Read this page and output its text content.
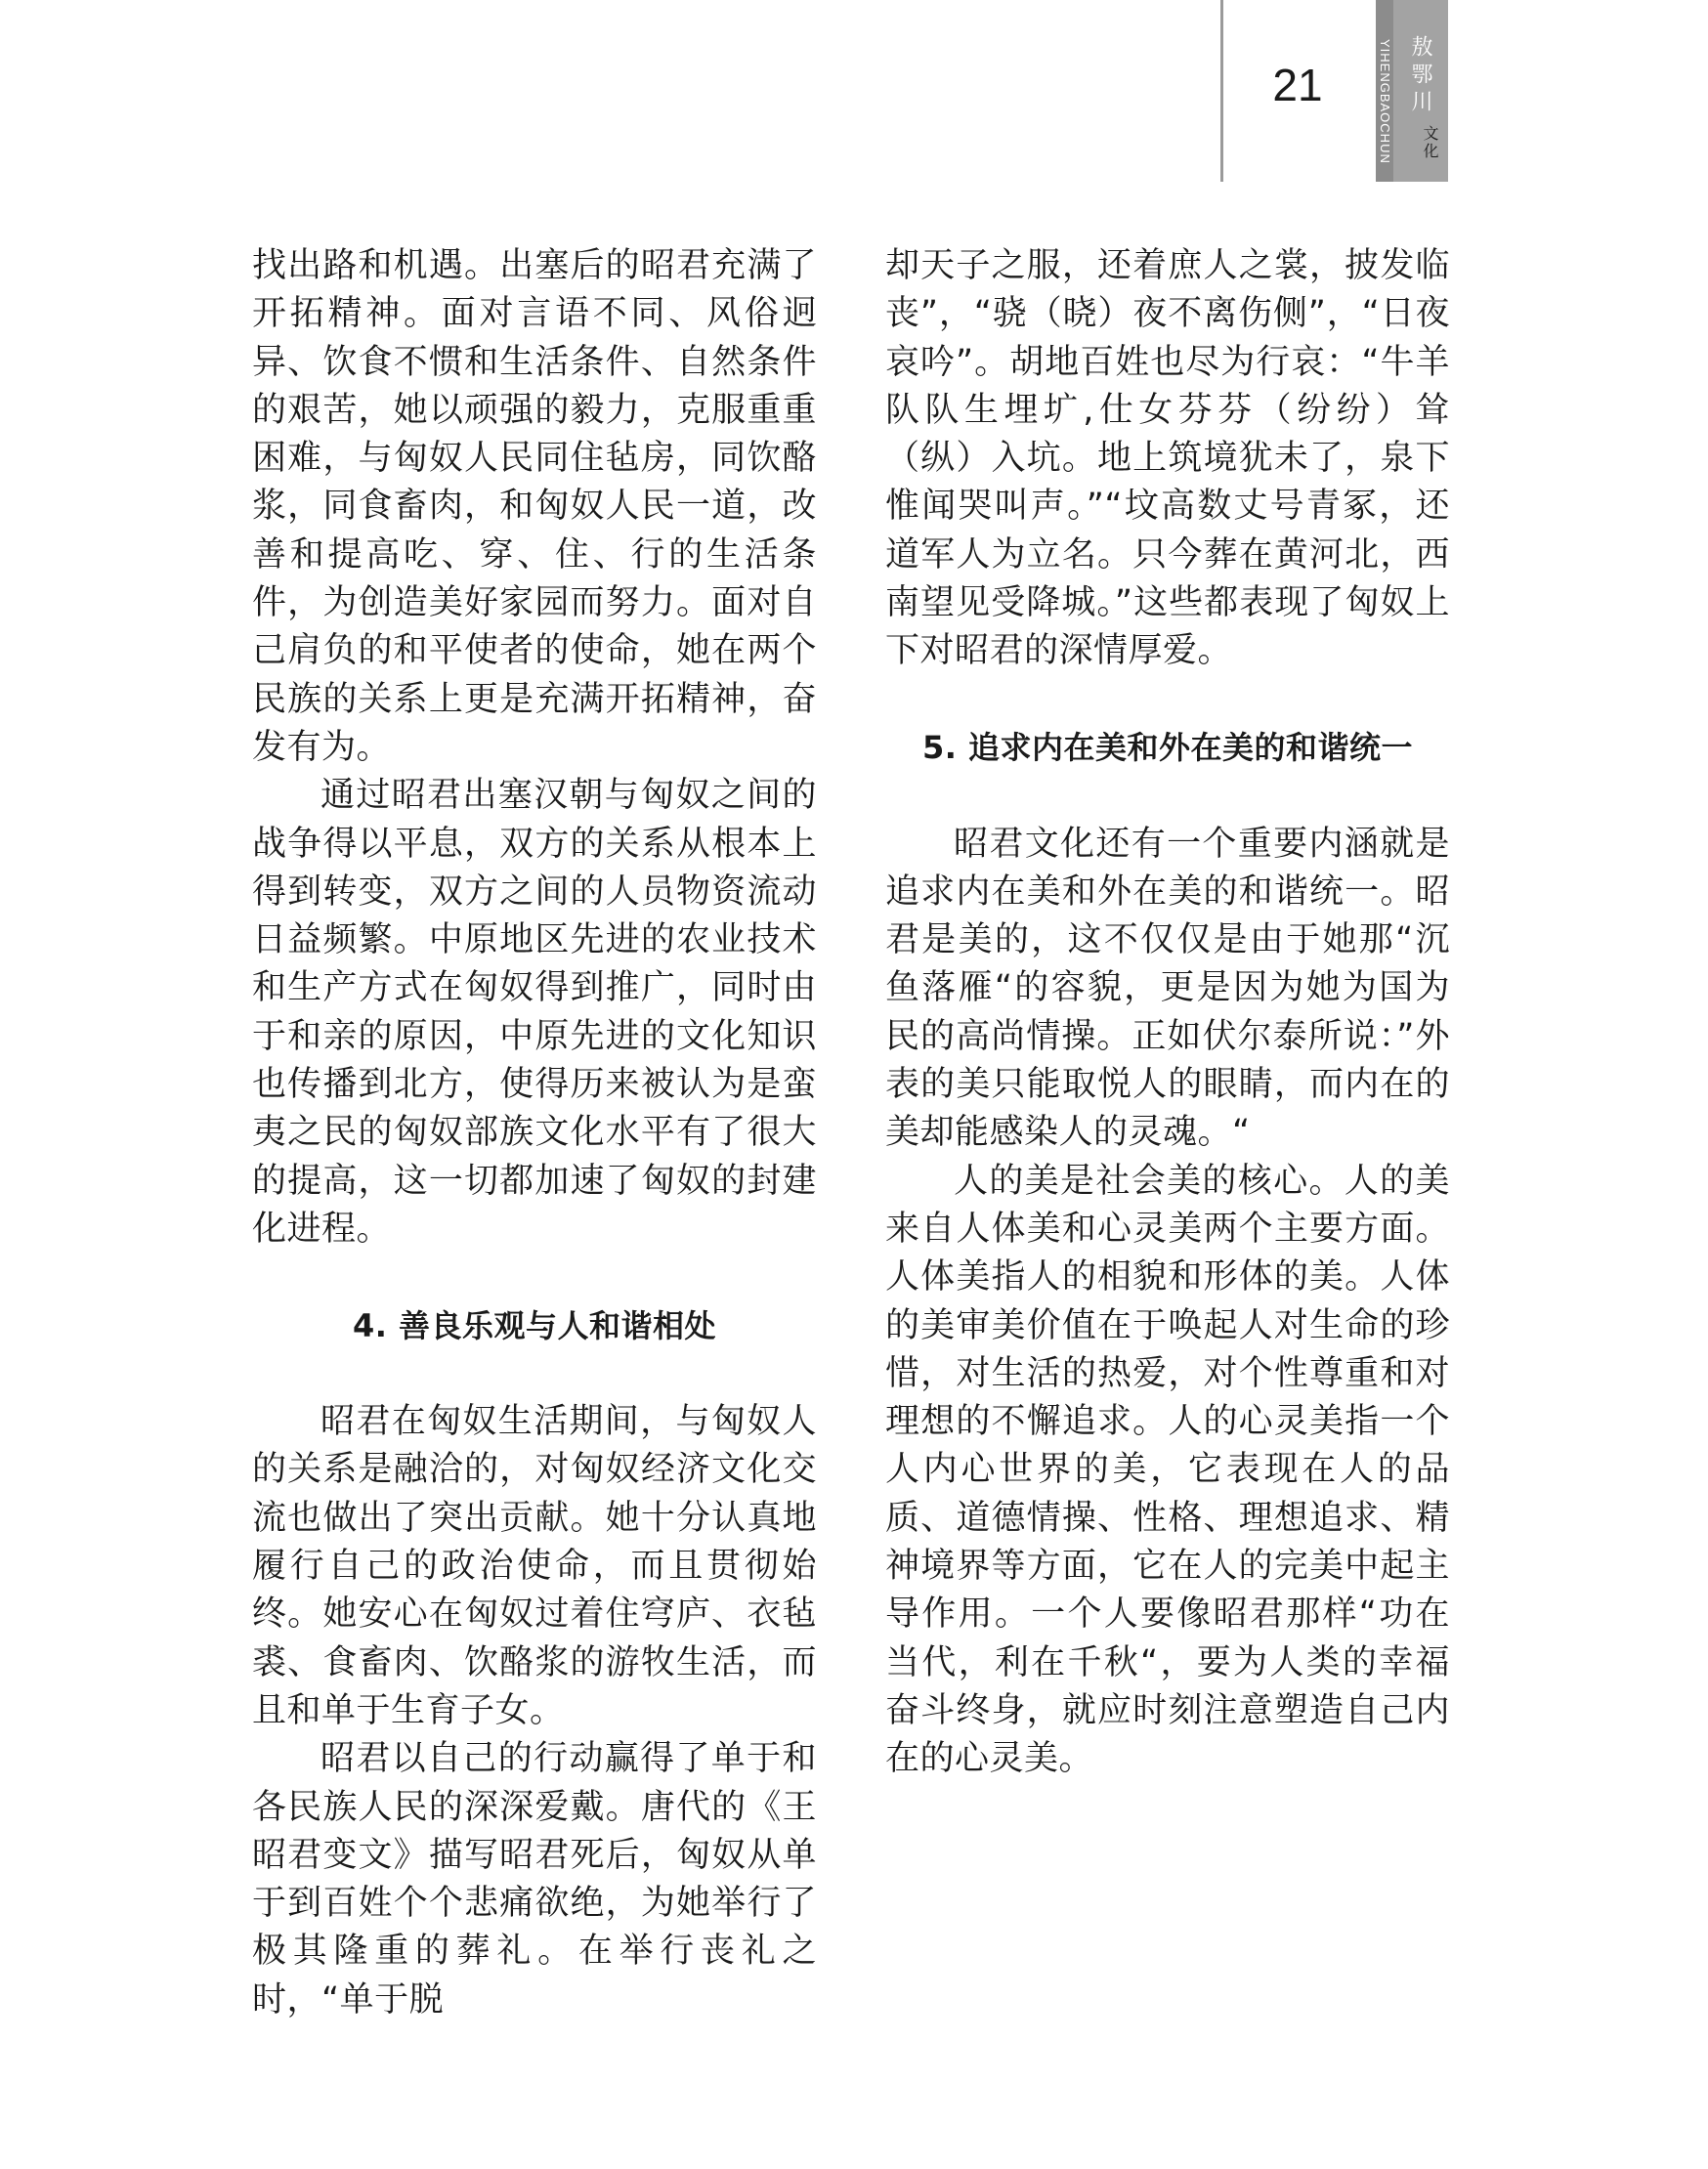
21	YIHENGBAOCHUN WENHUA	敖鄂川
文化

找出路和机遇。出塞后的昭君充满了开拓精神。面对言语不同、风俗迥异、饮食不惯和生活条件、自然条件的艰苦，她以顽强的毅力，克服重重困难，与匈奴人民同住毡房，同饮酪浆，同食畜肉，和匈奴人民一道，改善和提高吃、穿、住、行的生活条件，为创造美好家园而努力。面对自己肩负的和平使者的使命，她在两个民族的关系上更是充满开拓精神，奋发有为。

通过昭君出塞汉朝与匈奴之间的战争得以平息，双方的关系从根本上得到转变，双方之间的人员物资流动日益频繁。中原地区先进的农业技术和生产方式在匈奴得到推广，同时由于和亲的原因，中原先进的文化知识也传播到北方，使得历来被认为是蛮夷之民的匈奴部族文化水平有了很大的提高，这一切都加速了匈奴的封建化进程。

4. 善良乐观与人和谐相处

昭君在匈奴生活期间，与匈奴人的关系是融洽的，对匈奴经济文化交流也做出了突出贡献。她十分认真地履行自己的政治使命，而且贯彻始终。她安心在匈奴过着住穹庐、衣毡裘、食畜肉、饮酪浆的游牧生活，而且和单于生育子女。

昭君以自己的行动赢得了单于和各民族人民的深深爱戴。唐代的《王昭君变文》描写昭君死后，匈奴从单于到百姓个个悲痛欲绝，为她举行了极其隆重的葬礼。在举行丧礼之时，“单于脱

却天子之服，还着庶人之裳，披发临丧”，“骁（晓）夜不离伤侧”，“日夜哀吟”。胡地百姓也尽为行哀：“牛羊队队生埋圹,仕女芬芬（纷纷）耸（纵）入坑。地上筑境犹未了，泉下惟闻哭叫声。”“坟高数丈号青冢，还道军人为立名。只今葬在黄河北，西南望见受降城。”这些都表现了匈奴上下对昭君的深情厚爱。

5. 追求内在美和外在美的和谐统一

昭君文化还有一个重要内涵就是追求内在美和外在美的和谐统一。昭君是美的，这不仅仅是由于她那“沉鱼落雁“的容貌，更是因为她为国为民的高尚情操。正如伏尔泰所说：”外表的美只能取悦人的眼睛，而内在的美却能感染人的灵魂。“

人的美是社会美的核心。人的美来自人体美和心灵美两个主要方面。人体美指人的相貌和形体的美。人体的美审美价值在于唤起人对生命的珍惜，对生活的热爱，对个性尊重和对理想的不懈追求。人的心灵美指一个人内心世界的美，它表现在人的品质、道德情操、性格、理想追求、精神境界等方面，它在人的完美中起主导作用。一个人要像昭君那样“功在当代，利在千秋“，要为人类的幸福奋斗终身，就应时刻注意塑造自己内在的心灵美。
